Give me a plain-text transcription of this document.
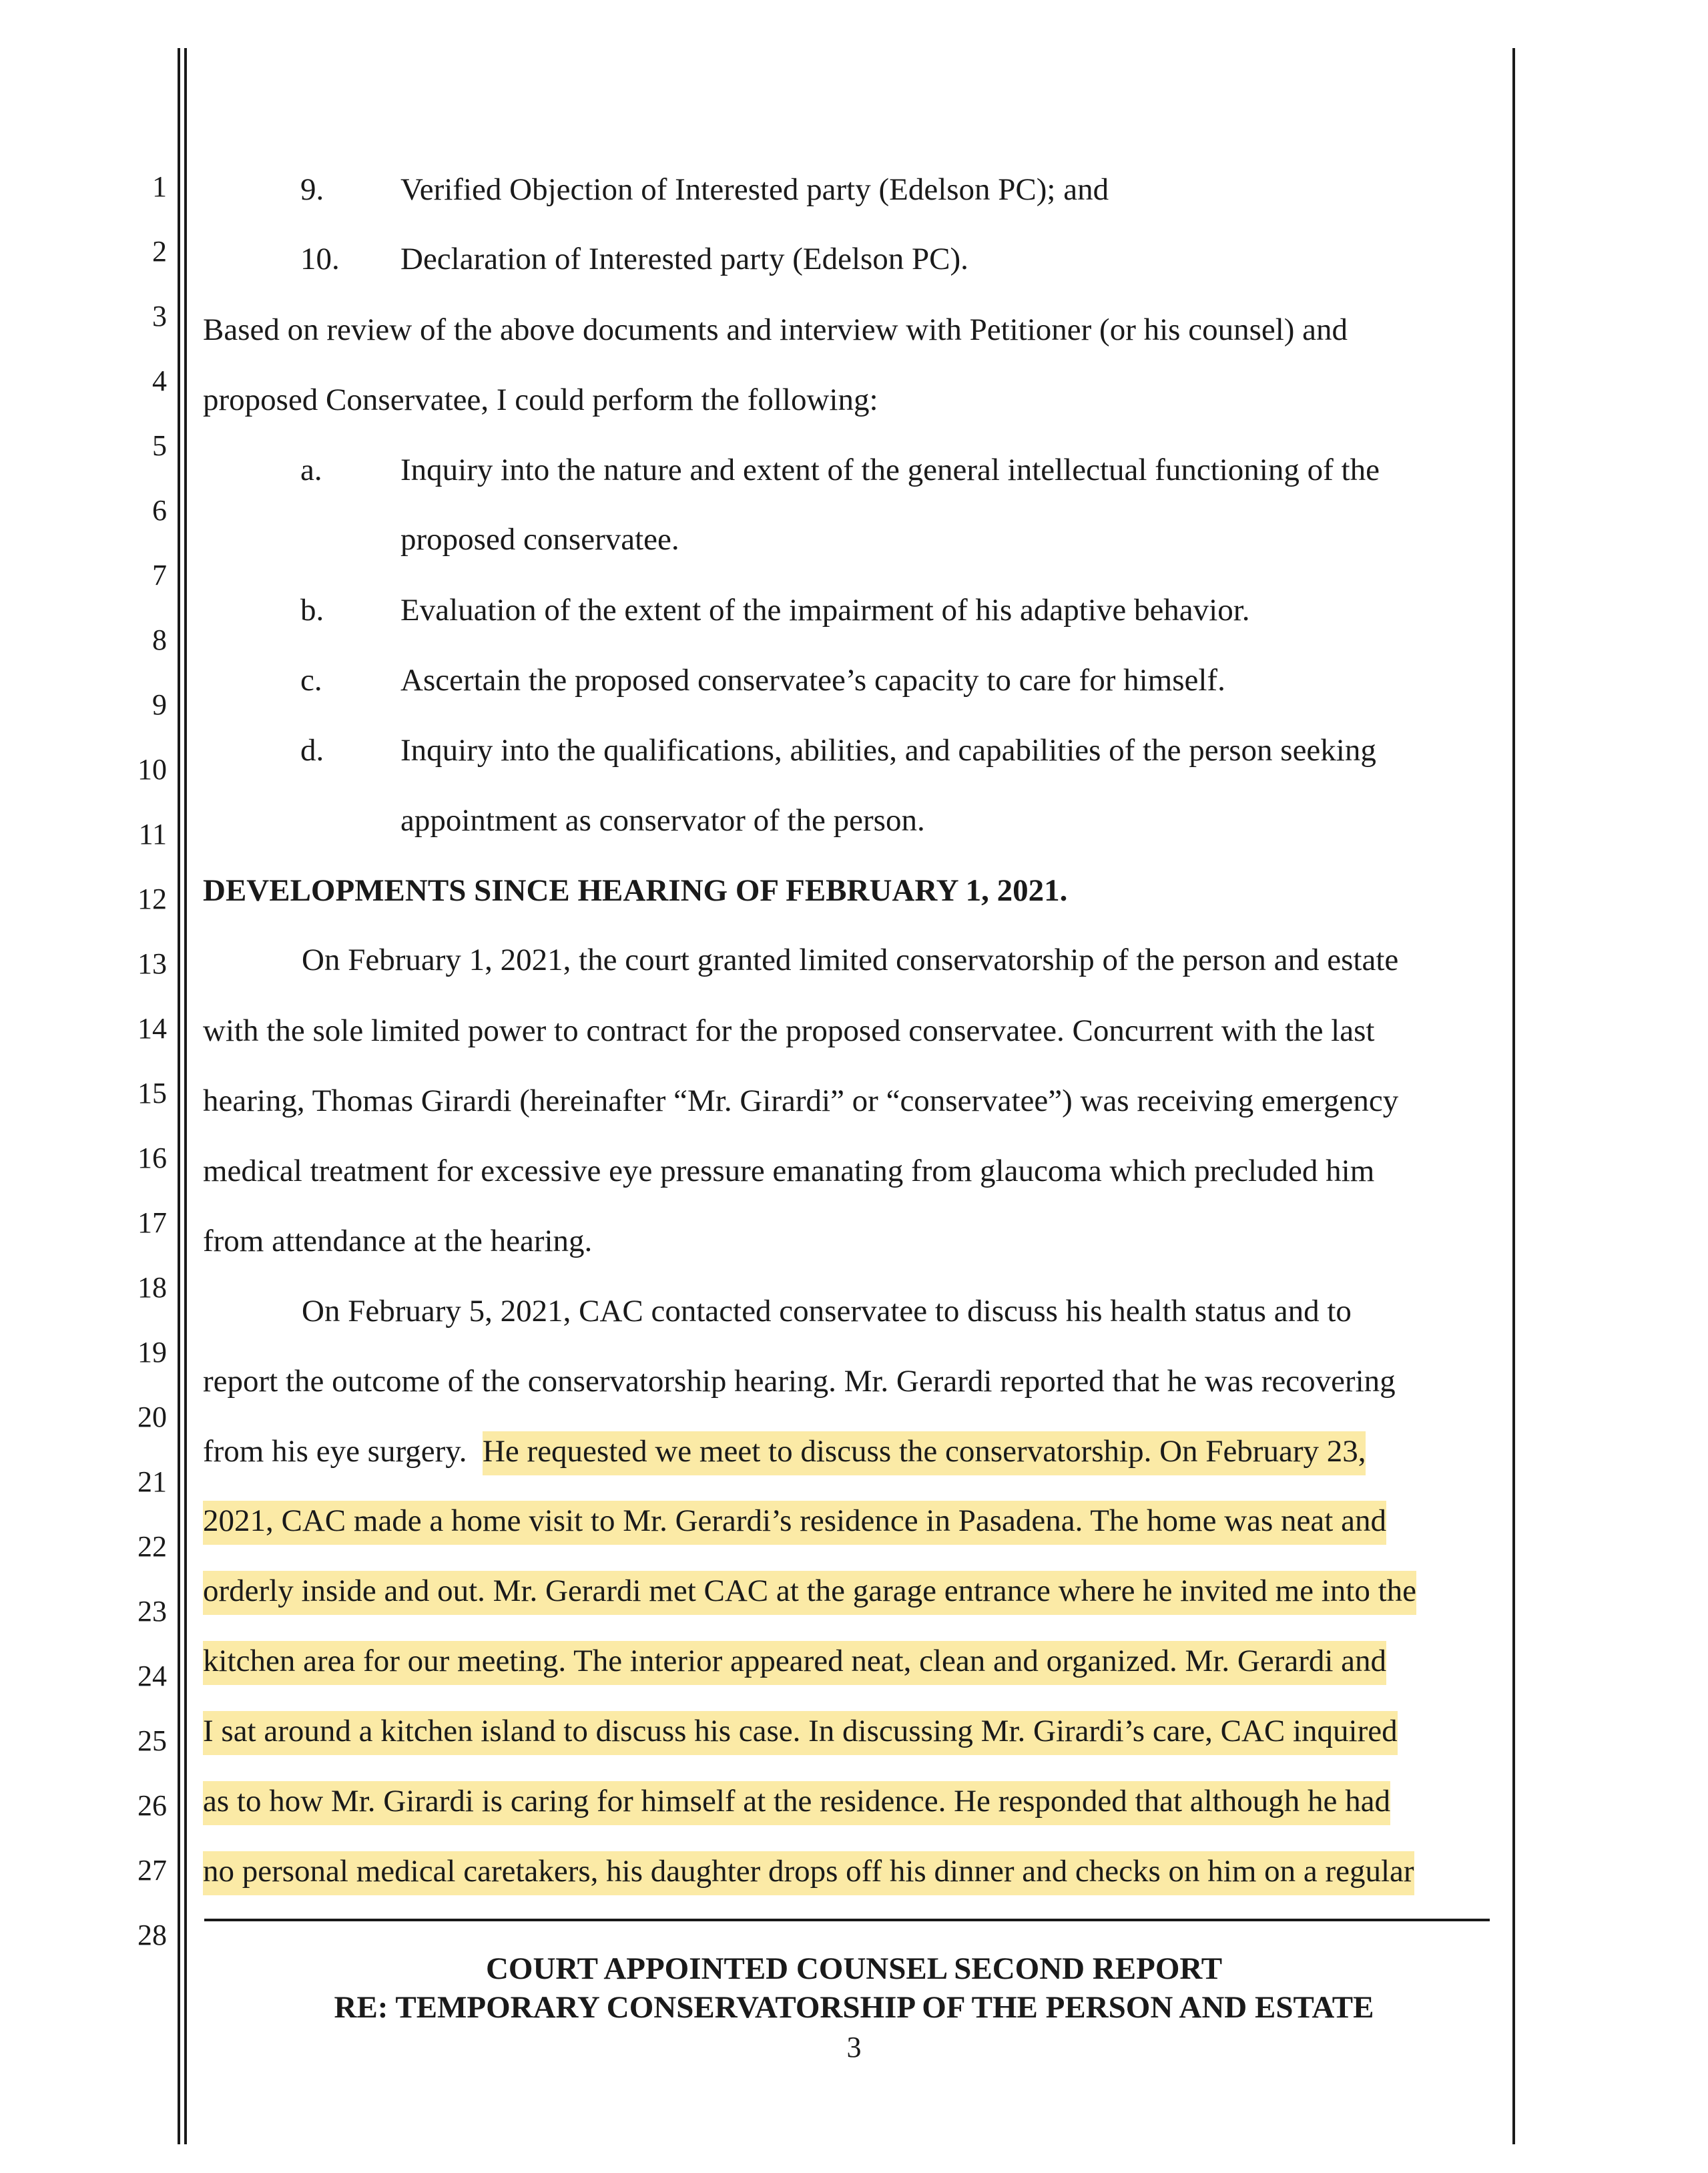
1
2
3
4
5
6
7
8
9
10
11
12
13
14
15
16
17
18
19
20
21
22
23
24
25
26
27
28
9. Verified Objection of Interested party (Edelson PC); and
10. Declaration of Interested party (Edelson PC).
Based on review of the above documents and interview with Petitioner (or his counsel) and
proposed Conservatee, I could perform the following:
a. Inquiry into the nature and extent of the general intellectual functioning of the
proposed conservatee.
b. Evaluation of the extent of the impairment of his adaptive behavior.
c. Ascertain the proposed conservatee’s capacity to care for himself.
d. Inquiry into the qualifications, abilities, and capabilities of the person seeking
appointment as conservator of the person.
DEVELOPMENTS SINCE HEARING OF FEBRUARY 1, 2021.
On February 1, 2021, the court granted limited conservatorship of the person and estate
with the sole limited power to contract for the proposed conservatee. Concurrent with the last
hearing, Thomas Girardi (hereinafter “Mr. Girardi” or “conservatee”) was receiving emergency
medical treatment for excessive eye pressure emanating from glaucoma which precluded him
from attendance at the hearing.
On February 5, 2021, CAC contacted conservatee to discuss his health status and to
report the outcome of the conservatorship hearing. Mr. Gerardi reported that he was recovering
from his eye surgery.  He requested we meet to discuss the conservatorship. On February 23,
2021, CAC made a home visit to Mr. Gerardi’s residence in Pasadena. The home was neat and
orderly inside and out. Mr. Gerardi met CAC at the garage entrance where he invited me into the
kitchen area for our meeting. The interior appeared neat, clean and organized. Mr. Gerardi and
I sat around a kitchen island to discuss his case. In discussing Mr. Girardi’s care, CAC inquired
as to how Mr. Girardi is caring for himself at the residence. He responded that although he had
no personal medical caretakers, his daughter drops off his dinner and checks on him on a regular
COURT APPOINTED COUNSEL SECOND REPORT
RE: TEMPORARY CONSERVATORSHIP OF THE PERSON AND ESTATE
3
